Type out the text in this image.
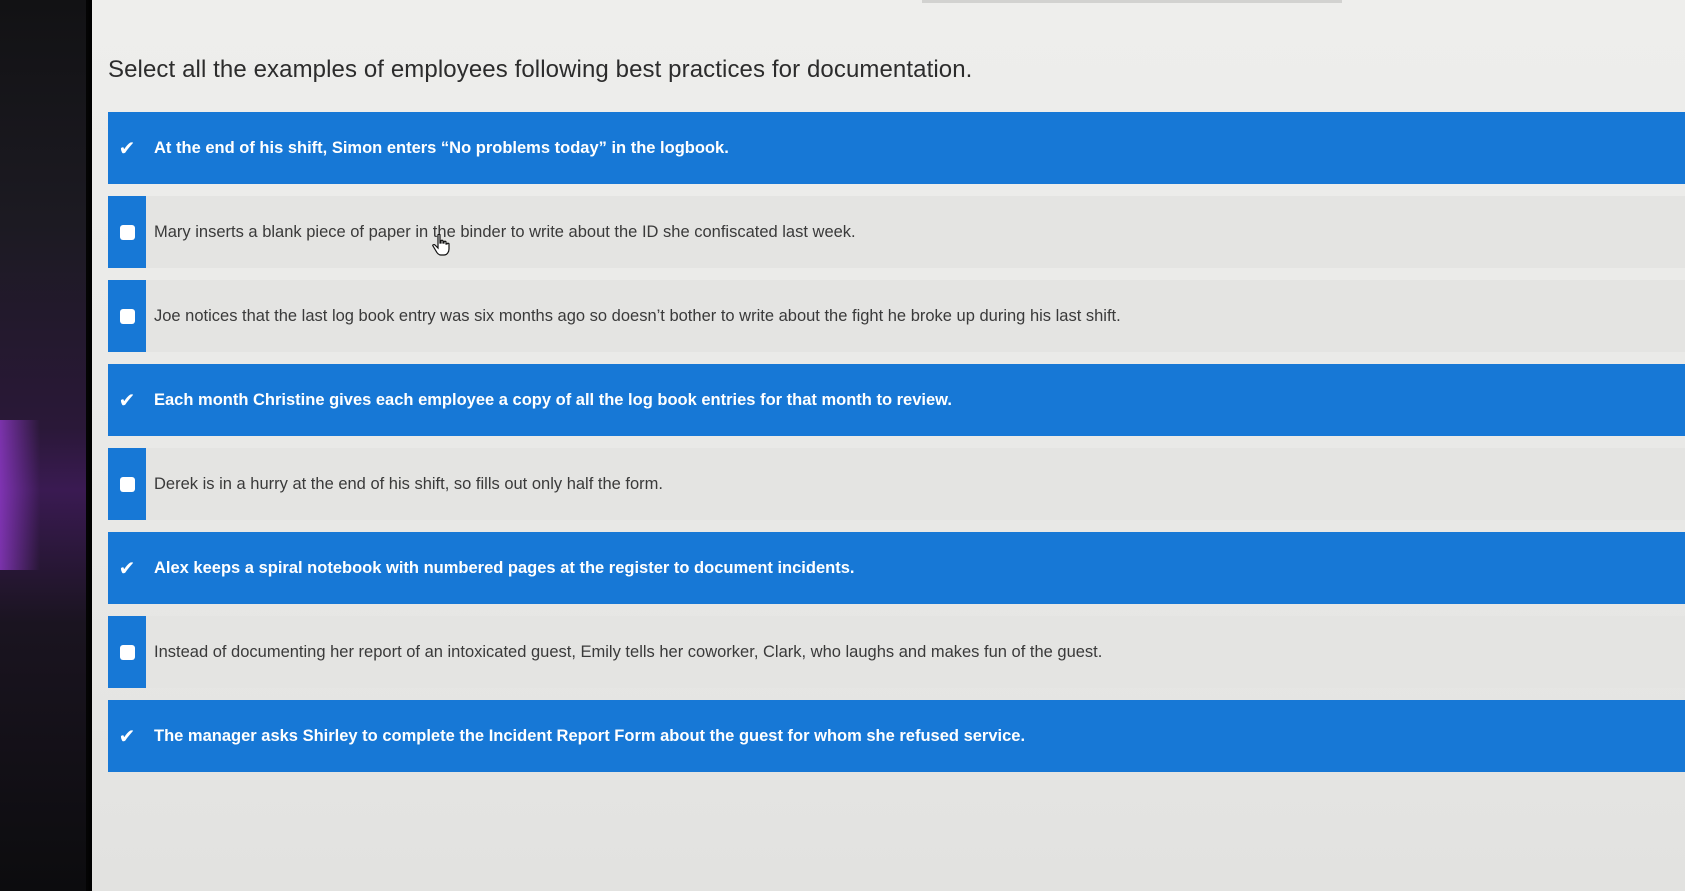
Select all the examples of employees following best practices for documentation.
✔	At the end of his shift, Simon enters “No problems today” in the logbook.
Mary inserts a blank piece of paper in the binder to write about the ID she confiscated last week.
Joe notices that the last log book entry was six months ago so doesn’t bother to write about the fight he broke up during his last shift.
✔	Each month Christine gives each employee a copy of all the log book entries for that month to review.
Derek is in a hurry at the end of his shift, so fills out only half the form.
✔	Alex keeps a spiral notebook with numbered pages at the register to document incidents.
Instead of documenting her report of an intoxicated guest, Emily tells her coworker, Clark, who laughs and makes fun of the guest.
✔	The manager asks Shirley to complete the Incident Report Form about the guest for whom she refused service.
